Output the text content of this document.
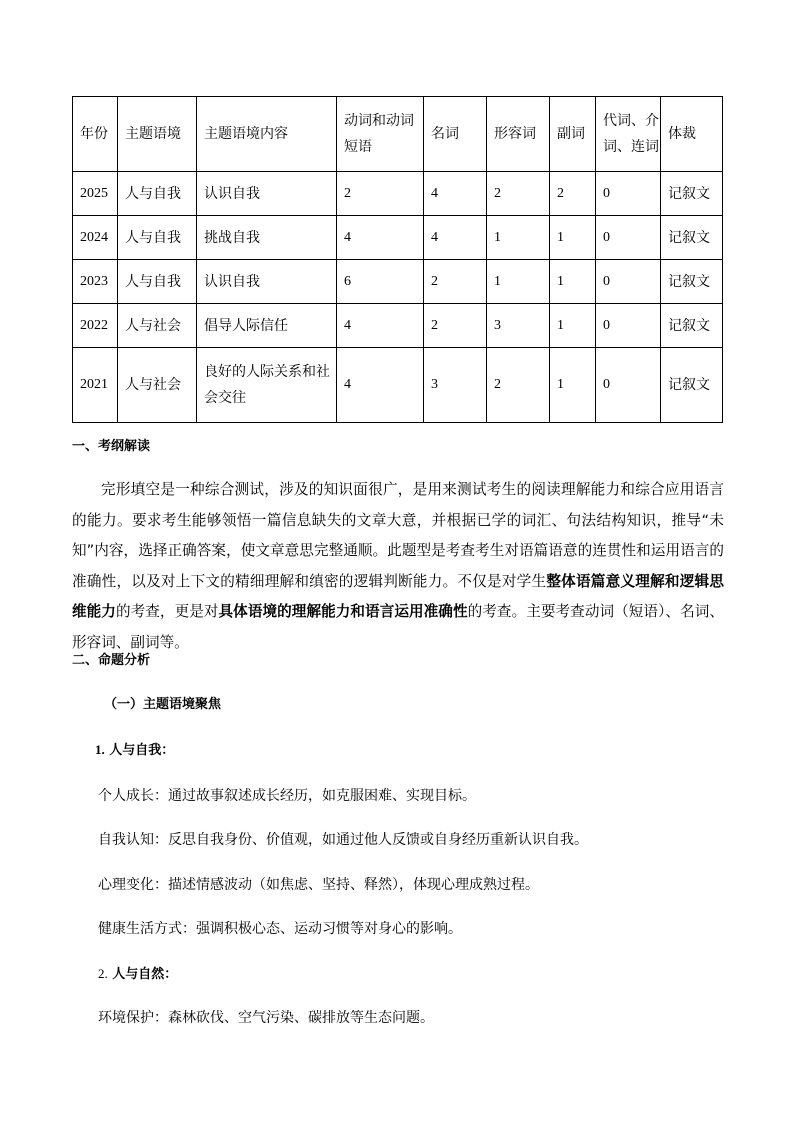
年份	主题语境	主题语境内容	动词和动词短语	名词	形容词	副词	代词、介词、连词	体裁
2025	人与自我	认识自我	2	4	2	2	0	记叙文
2024	人与自我	挑战自我	4	4	1	1	0	记叙文
2023	人与自我	认识自我	6	2	1	1	0	记叙文
2022	人与社会	倡导人际信任	4	2	3	1	0	记叙文
2021	人与社会	良好的人际关系和社会交往	4	3	2	1	0	记叙文
一、考纲解读
完形填空是一种综合测试，涉及的知识面很广，是用来测试考生的阅读理解能力和综合应用语言的能力。要求考生能够领悟一篇信息缺失的文章大意，并根据已学的词汇、句法结构知识，推导“未知”内容，选择正确答案，使文章意思完整通顺。此题型是考查考生对语篇语意的连贯性和运用语言的准确性，以及对上下文的精细理解和缜密的逻辑判断能力。不仅是对学生整体语篇意义理解和逻辑思维能力的考查，更是对具体语境的理解能力和语言运用准确性的考查。主要考查动词（短语）、名词、形容词、副词等。
二、命题分析
（一）主题语境聚焦
1. 人与自我：
个人成长：通过故事叙述成长经历，如克服困难、实现目标。
自我认知：反思自我身份、价值观，如通过他人反馈或自身经历重新认识自我。
心理变化：描述情感波动（如焦虑、坚持、释然），体现心理成熟过程。
健康生活方式：强调积极心态、运动习惯等对身心的影响。
2. 人与自然：
环境保护：森林砍伐、空气污染、碳排放等生态问题。
